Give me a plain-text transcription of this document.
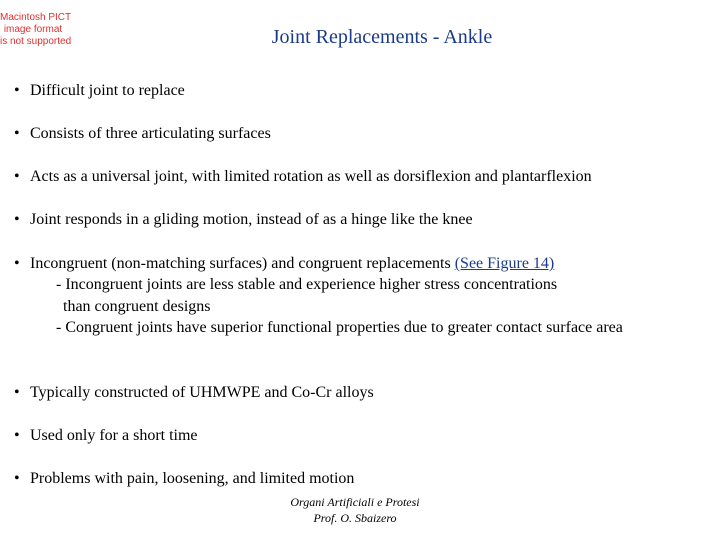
Macintosh PICT
image format
is not supported	Joint Replacements - Ankle
• Difficult joint to replace
• Consists of three articulating surfaces
• Acts as a universal joint, with limited rotation as well as dorsiflexion and plantarflexion
• Joint responds in a gliding motion, instead of as a hinge like the knee
• Incongruent (non-matching surfaces) and congruent replacements (See Figure 14)
- Incongruent joints are less stable and experience higher stress concentrations
than congruent designs
- Congruent joints have superior functional properties due to greater contact surface area
• Typically constructed of UHMWPE and Co-Cr alloys
• Used only for a short time
• Problems with pain, loosening, and limited motion
Organi Artificiali e Protesi
Prof. O. Sbaizero
